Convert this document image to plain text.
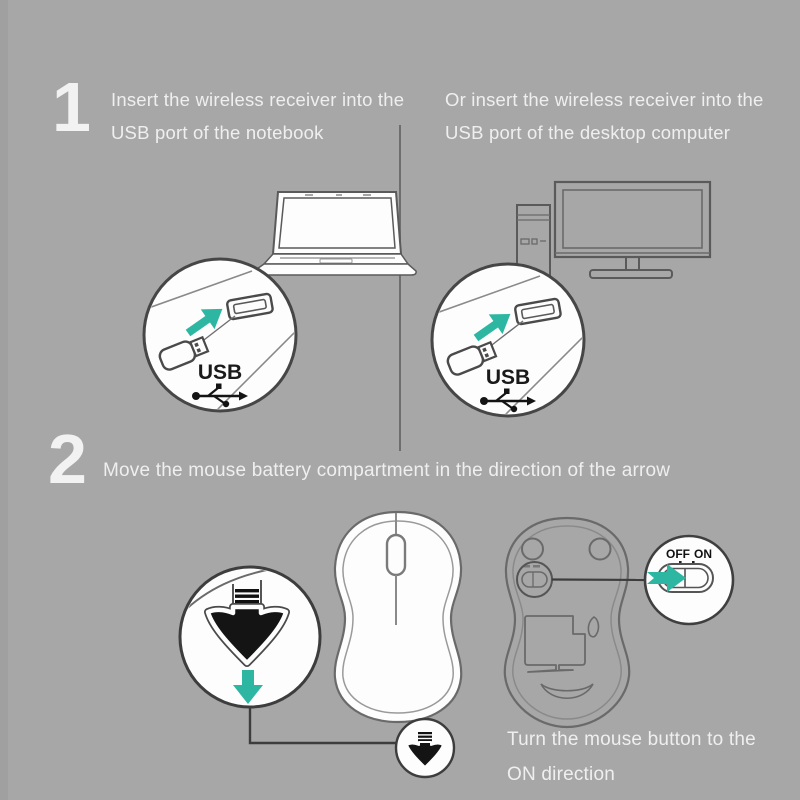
1 Insert the wireless receiver into the
USB port of the notebook
Or insert the wireless receiver into the
USB port of the desktop computer
USB	USB
2 Move the mouse battery compartment in the direction of the arrow
OFF ON
Turn the mouse button to the
ON direction
